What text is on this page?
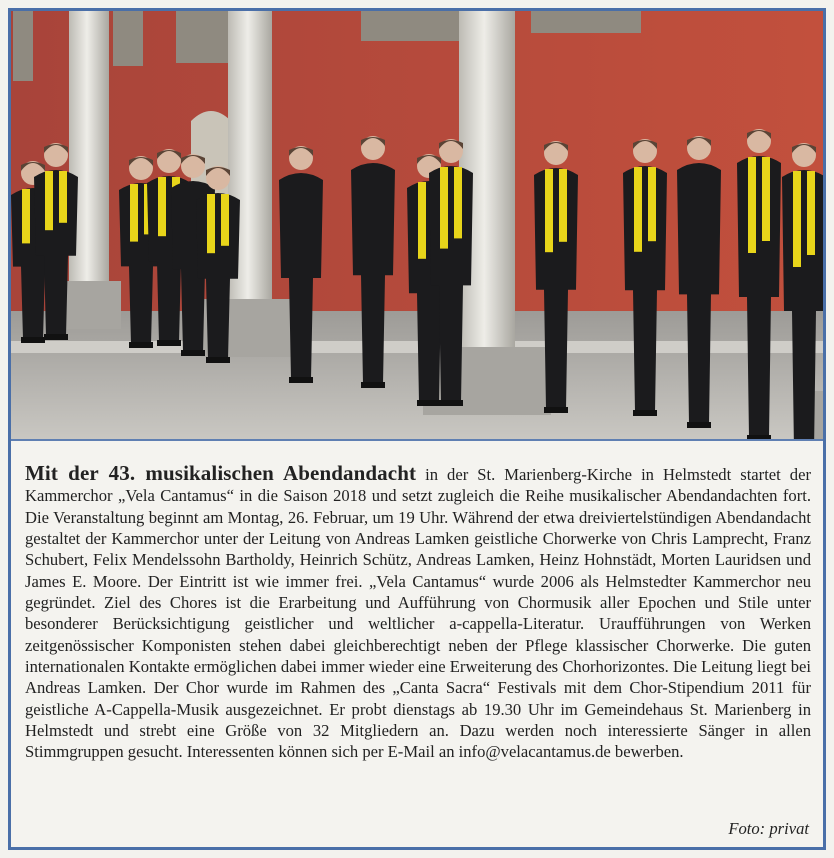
Mit der 43. musikalischen Abendandacht in der St. Marienberg-Kirche in Helmstedt startet der Kammerchor „Vela Cantamus“ in die Saison 2018 und setzt zugleich die Reihe musikalischer Abendandachten fort. Die Veranstaltung beginnt am Montag, 26. Februar, um 19 Uhr. Während der etwa dreiviertelstündigen Abendandacht gestaltet der Kammerchor unter der Leitung von Andreas Lamken geistliche Chorwerke von Chris Lamprecht, Franz Schubert, Felix Mendelssohn Bartholdy, Heinrich Schütz, Andreas Lamken, Heinz Hohnstädt, Morten Lauridsen und James E. Moore. Der Eintritt ist wie immer frei. „Vela Cantamus“ wurde 2006 als Helmstedter Kammerchor neu gegründet. Ziel des Chores ist die Erarbeitung und Aufführung von Chormusik aller Epochen und Stile unter besonderer Berücksichtigung geistlicher und weltlicher a-cappella-Literatur. Uraufführungen von Werken zeitgenössischer Komponisten stehen dabei gleichberechtigt neben der Pflege klassischer Chorwerke. Die guten internationalen Kontakte ermöglichen dabei immer wieder eine Erweiterung des Chorhorizontes. Die Leitung liegt bei Andreas Lamken. Der Chor wurde im Rahmen des „Canta Sacra“ Festivals mit dem Chor-Stipendium 2011 für geistliche A-Cappella-Musik ausgezeichnet. Er probt dienstags ab 19.30 Uhr im Gemeindehaus St. Marienberg in Helmstedt und strebt eine Größe von 32 Mitgliedern an. Dazu werden noch interessierte Sänger in allen Stimmgruppen gesucht. Interessenten können sich per E-Mail an info@velacantamus.de bewerben.
Foto: privat
